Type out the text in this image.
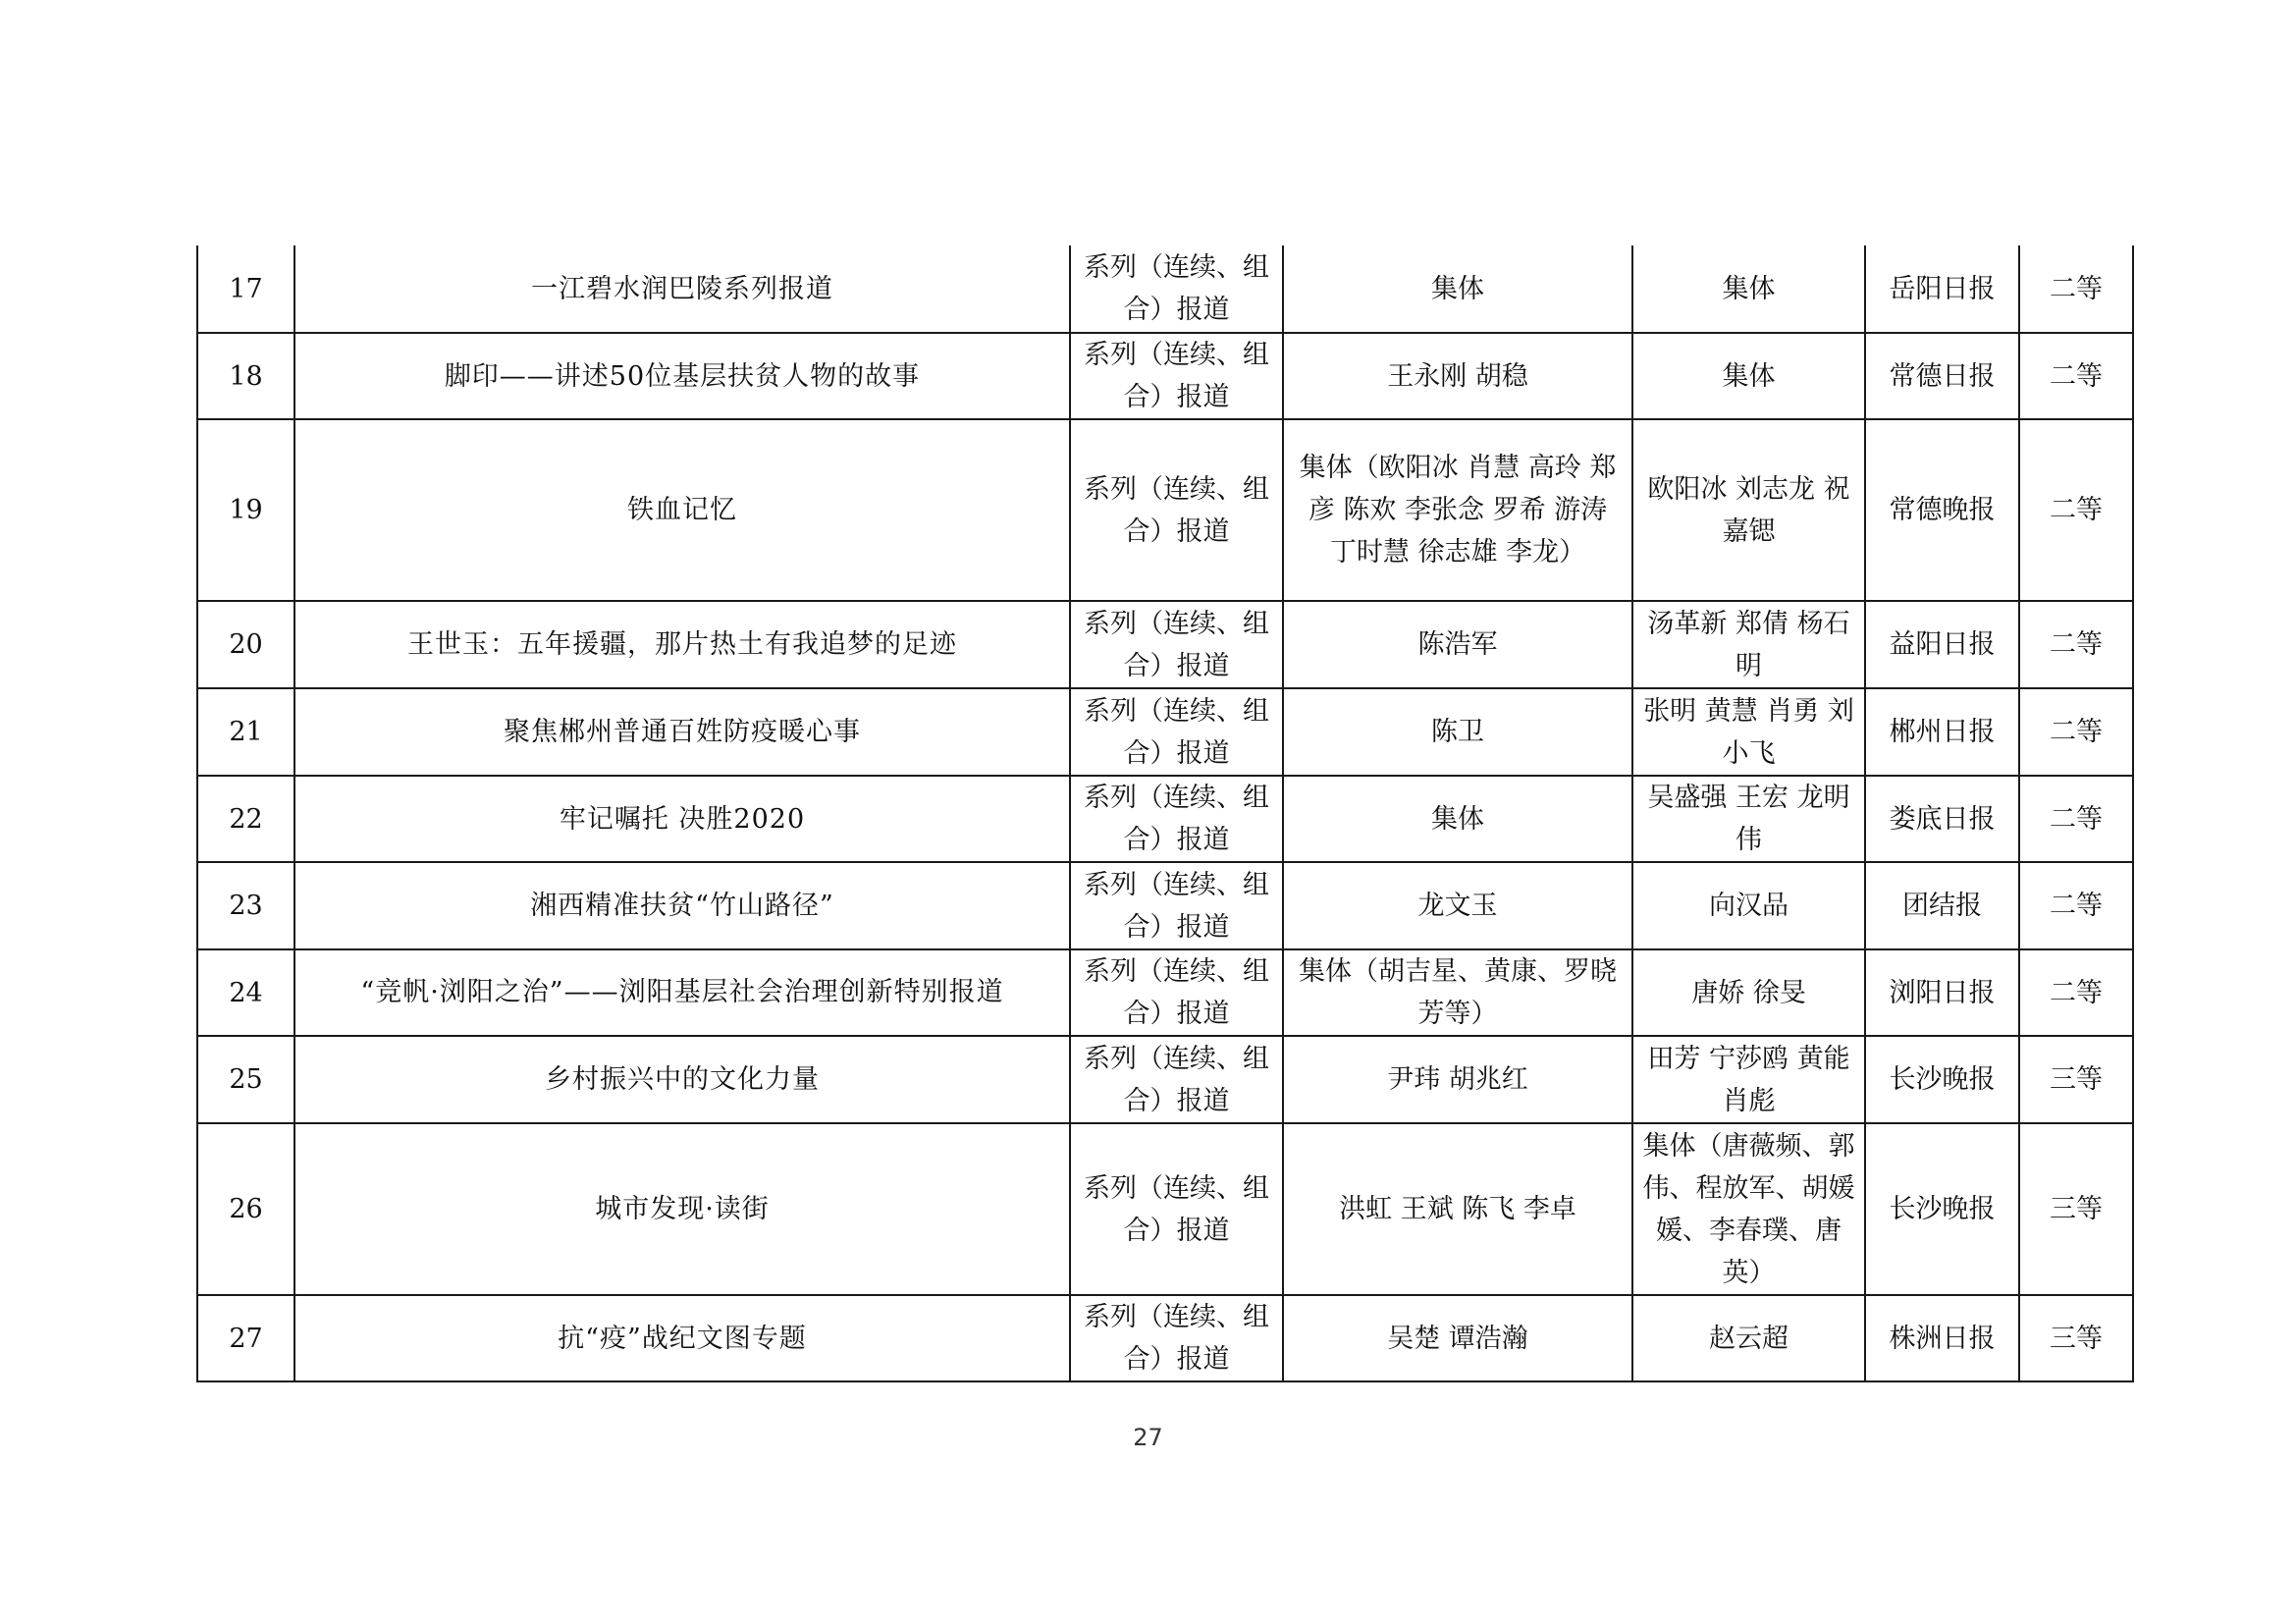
17	一江碧水润巴陵系列报道	系列（连续、组合）报道	集体	集体	岳阳日报	二等
18	脚印——讲述50位基层扶贫人物的故事	系列（连续、组合）报道	王永刚 胡稳	集体	常德日报	二等
19	铁血记忆	系列（连续、组合）报道	集体（欧阳冰 肖慧 高玲 郑彦 陈欢 李张念 罗希 游涛 丁时慧 徐志雄 李龙）	欧阳冰 刘志龙 祝嘉锶	常德晚报	二等
20	王世玉：五年援疆，那片热土有我追梦的足迹	系列（连续、组合）报道	陈浩军	汤革新 郑倩 杨石明	益阳日报	二等
21	聚焦郴州普通百姓防疫暖心事	系列（连续、组合）报道	陈卫	张明 黄慧 肖勇 刘小飞	郴州日报	二等
22	牢记嘱托 决胜2020	系列（连续、组合）报道	集体	吴盛强 王宏 龙明伟	娄底日报	二等
23	湘西精准扶贫“竹山路径”	系列（连续、组合）报道	龙文玉	向汉品	团结报	二等
24	“竞帆·浏阳之治”——浏阳基层社会治理创新特别报道	系列（连续、组合）报道	集体（胡吉星、黄康、罗晓芳等）	唐娇 徐旻	浏阳日报	二等
25	乡村振兴中的文化力量	系列（连续、组合）报道	尹玮 胡兆红	田芳 宁莎鸥 黄能 肖彪	长沙晚报	三等
26	城市发现·读街	系列（连续、组合）报道	洪虹 王斌 陈飞 李卓	集体（唐薇频、郭伟、程放军、胡媛媛、李春璞、唐英）	长沙晚报	三等
27	抗“疫”战纪文图专题	系列（连续、组合）报道	吴楚 谭浩瀚	赵云超	株洲日报	三等
27
